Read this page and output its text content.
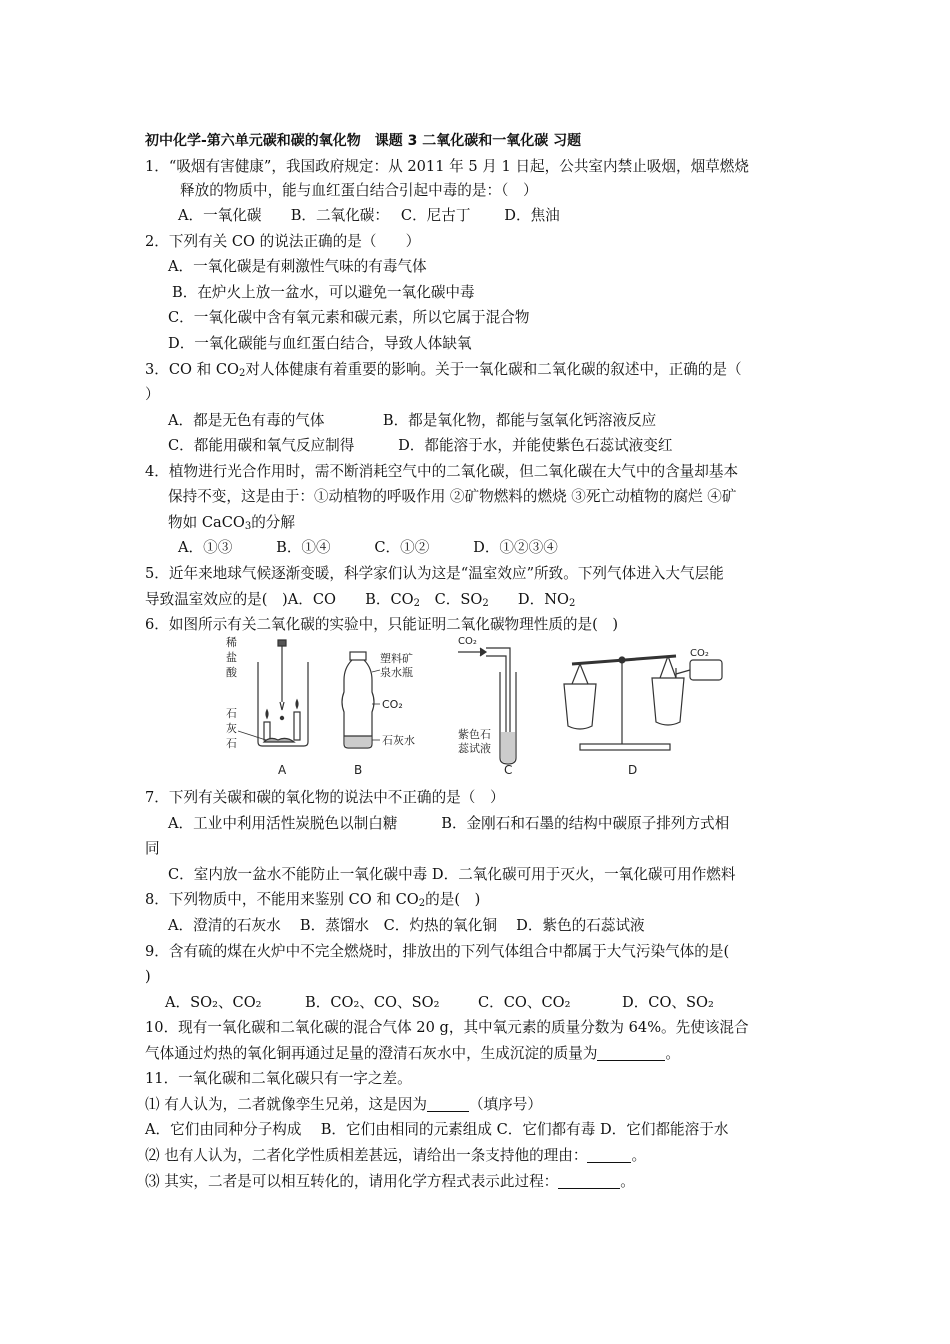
初中化学-第六单元碳和碳的氧化物　课题 3 二氧化碳和一氧化碳 习题
1．“吸烟有害健康”，我国政府规定：从 2011 年 5 月 1 日起，公共室内禁止吸烟，烟草燃烧
释放的物质中，能与血红蛋白结合引起中毒的是：（　）
A．一氧化碳　　B．二氧化碳：　 C．尼古丁　　 D．焦油
2．下列有关 CO 的说法正确的是（　　）
A．一氧化碳是有刺激性气味的有毒气体
B．在炉火上放一盆水，可以避免一氧化碳中毒
C．一氧化碳中含有氧元素和碳元素，所以它属于混合物
D．一氧化碳能与血红蛋白结合，导致人体缺氧
3．CO 和 $CO_2$对人体健康有着重要的影响。关于一氧化碳和二氧化碳的叙述中，正确的是（
）
A．都是无色有毒的气体　　　　B．都是氧化物，都能与氢氧化钙溶液反应
C．都能用碳和氧气反应制得　　　D．都能溶于水，并能使紫色石蕊试液变红
4．植物进行光合作用时，需不断消耗空气中的二氧化碳，但二氧化碳在大气中的含量却基本
保持不变，这是由于：①动植物的呼吸作用 ②矿物燃料的燃烧 ③死亡动植物的腐烂 ④矿
物如 CaCO$_3$的分解
A．①③　　　B．①④　　　C．①②　　　D．①②③④
5．近年来地球气候逐渐变暖，科学家们认为这是“温室效应”所致。下列气体进入大气层能
导致温室效应的是(　)A．CO　　B．$CO_2$　C．$SO_2$　　D．$NO_2$
6．如图所示有关二氧化碳的实验中，只能证明二氧化碳物理性质的是(　)
稀
盐
酸
石
灰
石
A
塑料矿
泉水瓶
CO₂
石灰水
B
CO₂
紫色石
蕊试液
C
CO₂
D
7．下列有关碳和碳的氧化物的说法中不正确的是（　）
A．工业中利用活性炭脱色以制白糖　　　B．金刚石和石墨的结构中碳原子排列方式相
同
C．室内放一盆水不能防止一氧化碳中毒 D．二氧化碳可用于灭火，一氧化碳可用作燃料
8．下列物质中，不能用来鉴别 CO 和 $CO_2$的是(　)
A．澄清的石灰水　 B．蒸馏水　C．灼热的氧化铜　 D．紫色的石蕊试液
9．含有硫的煤在火炉中不完全燃烧时，排放出的下列气体组合中都属于大气污染气体的是(
)
A．SO₂、CO₂	B．CO₂、CO、SO₂	C．CO、CO₂	D．CO、SO₂
10．现有一氧化碳和二氧化碳的混合气体 20 g，其中氧元素的质量分数为 64%。先使该混合
气体通过灼热的氧化铜再通过足量的澄清石灰水中，生成沉淀的质量为	。
11．一氧化碳和二氧化碳只有一字之差。
⑴ 有人认为，二者就像孪生兄弟，这是因为	（填序号）
A．它们由同种分子构成　 B．它们由相同的元素组成 C．它们都有毒 D．它们都能溶于水
⑵ 也有人认为，二者化学性质相差甚远，请给出一条支持他的理由：	。
⑶ 其实，二者是可以相互转化的，请用化学方程式表示此过程：	。
